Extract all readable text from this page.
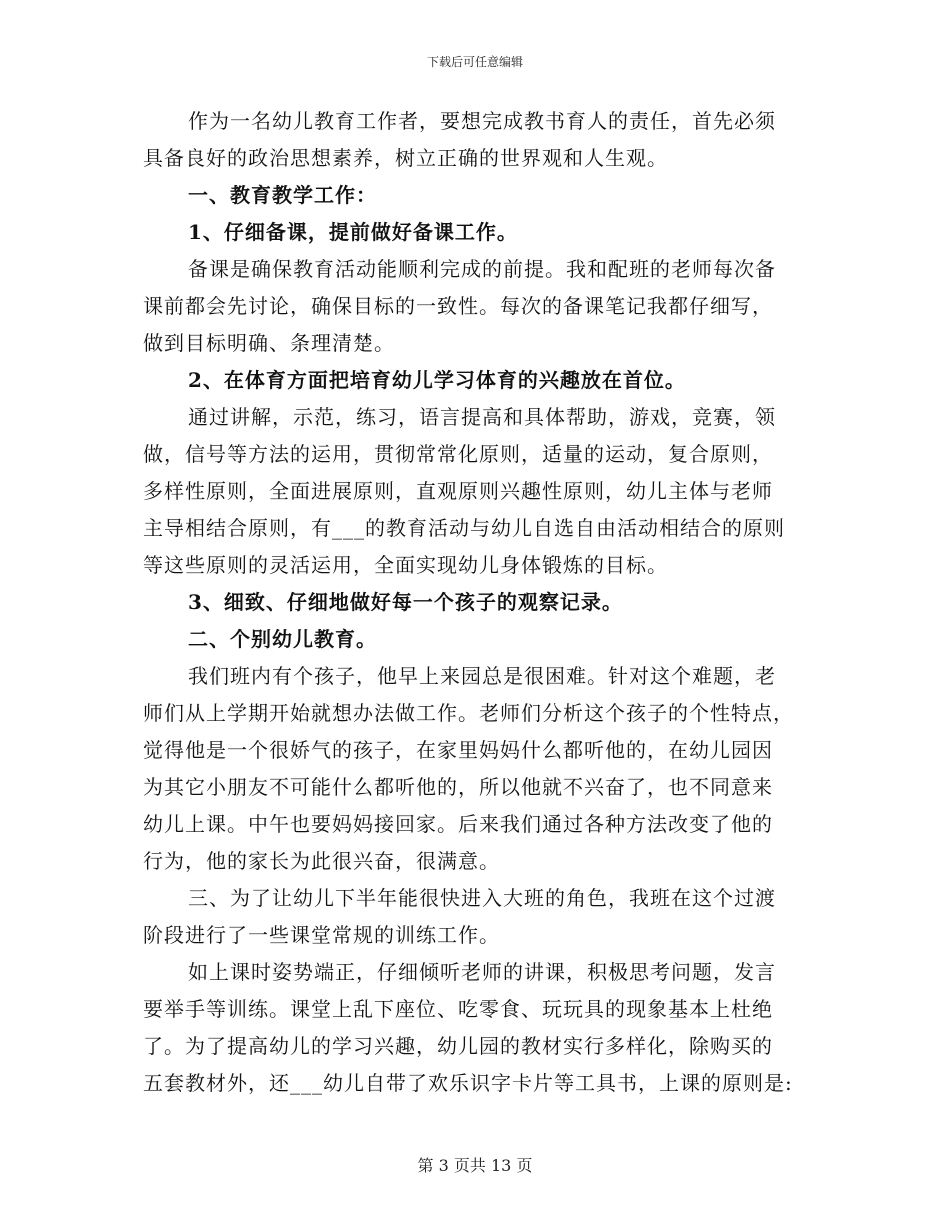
下载后可任意编辑
作为一名幼儿教育工作者，要想完成教书育人的责任，首先必须
具备良好的政治思想素养，树立正确的世界观和人生观。
一、教育教学工作：
1、仔细备课，提前做好备课工作。
备课是确保教育活动能顺利完成的前提。我和配班的老师每次备
课前都会先讨论，确保目标的一致性。每次的备课笔记我都仔细写，
做到目标明确、条理清楚。
2、在体育方面把培育幼儿学习体育的兴趣放在首位。
通过讲解，示范，练习，语言提高和具体帮助，游戏，竞赛，领
做，信号等方法的运用，贯彻常常化原则，适量的运动，复合原则，
多样性原则，全面进展原则，直观原则兴趣性原则，幼儿主体与老师
主导相结合原则，有___的教育活动与幼儿自选自由活动相结合的原则
等这些原则的灵活运用，全面实现幼儿身体锻炼的目标。
3、细致、仔细地做好每一个孩子的观察记录。
二、个别幼儿教育。
我们班内有个孩子，他早上来园总是很困难。针对这个难题，老
师们从上学期开始就想办法做工作。老师们分析这个孩子的个性特点，
觉得他是一个很娇气的孩子，在家里妈妈什么都听他的，在幼儿园因
为其它小朋友不可能什么都听他的，所以他就不兴奋了，也不同意来
幼儿上课。中午也要妈妈接回家。后来我们通过各种方法改变了他的
行为，他的家长为此很兴奋，很满意。
三、为了让幼儿下半年能很快进入大班的角色，我班在这个过渡
阶段进行了一些课堂常规的训练工作。
如上课时姿势端正，仔细倾听老师的讲课，积极思考问题，发言
要举手等训练。课堂上乱下座位、吃零食、玩玩具的现象基本上杜绝
了。为了提高幼儿的学习兴趣，幼儿园的教材实行多样化，除购买的
五套教材外，还___幼儿自带了欢乐识字卡片等工具书，上课的原则是:
第 3 页共 13 页
